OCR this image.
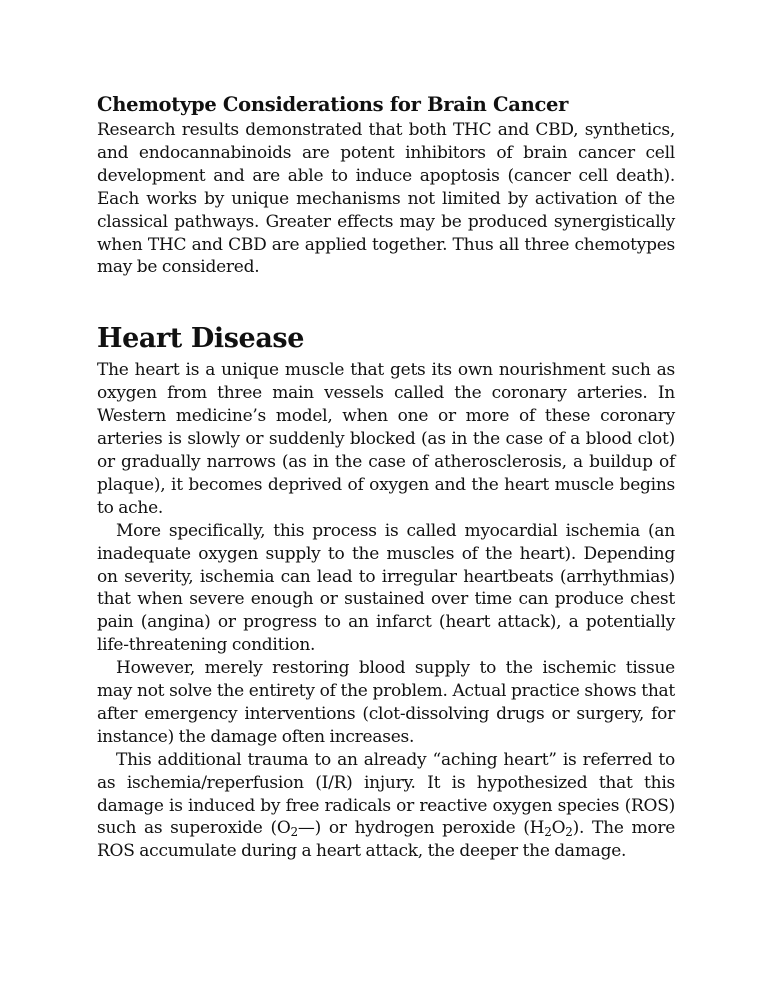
Chemotype Considerations for Brain Cancer

Research results demonstrated that both THC and CBD, synthetics, and endocannabinoids are potent inhibitors of brain cancer cell development and are able to induce apoptosis (cancer cell death). Each works by unique mechanisms not limited by activation of the classical pathways. Greater effects may be produced synergistically when THC and CBD are applied together. Thus all three chemotypes may be considered.

Heart Disease

The heart is a unique muscle that gets its own nourishment such as oxygen from three main vessels called the coronary arteries. In Western medicine’s model, when one or more of these coronary arteries is slowly or suddenly blocked (as in the case of a blood clot) or gradually narrows (as in the case of atherosclerosis, a buildup of plaque), it becomes deprived of oxygen and the heart muscle begins to ache.

More specifically, this process is called myocardial ischemia (an inadequate oxygen supply to the muscles of the heart). Depending on severity, ischemia can lead to irregular heartbeats (arrhythmias) that when severe enough or sustained over time can produce chest pain (angina) or progress to an infarct (heart attack), a potentially life-threatening condition.

However, merely restoring blood supply to the ischemic tissue may not solve the entirety of the problem. Actual practice shows that after emergency interventions (clot-dissolving drugs or surgery, for instance) the damage often increases.

This additional trauma to an already “aching heart” is referred to as ischemia/reperfusion (I/R) injury. It is hypothesized that this damage is induced by free radicals or reactive oxygen species (ROS) such as superoxide $(O_2—)$ or hydrogen peroxide $(H_2O_2)$. The more ROS accumulate during a heart attack, the deeper the damage.
